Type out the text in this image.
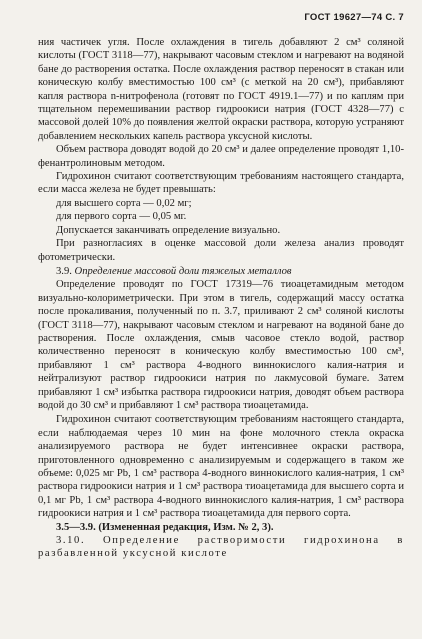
ГОСТ 19627—74 С. 7

ния частичек угля. После охлаждения в тигель добавляют 2 см³ соляной кислоты (ГОСТ 3118—77), накрывают часовым стеклом и нагревают на водяной бане до растворения остатка. После охлаждения раствор переносят в стакан или коническую колбу вместимостью 100 см³ (с меткой на 20 см³), прибавляют капля раствора n-нитрофенола (готовят по ГОСТ 4919.1—77) и по каплям при тщательном перемешивании раствор гидроокиси натрия (ГОСТ 4328—77) с массовой долей 10% до появления желтой окраски раствора, которую устраняют добавлением нескольких капель раствора уксусной кислоты.

Объем раствора доводят водой до 20 см³ и далее определение проводят 1,10-фенантролиновым методом.

Гидрохинон считают соответствующим требованиям настоящего стандарта, если масса железа не будет превышать:

для высшего сорта — 0,02 мг;

для первого сорта — 0,05 мг.

Допускается заканчивать определение визуально.

При разногласиях в оценке массовой доли железа анализ проводят фотометрически.

3.9. Определение массовой доли тяжелых металлов

Определение проводят по ГОСТ 17319—76 тиоацетамидным методом визуально-колориметрически. При этом в тигель, содержащий массу остатка после прокаливания, полученный по п. 3.7, приливают 2 см³ соляной кислоты (ГОСТ 3118—77), накрывают часовым стеклом и нагревают на водяной бане до растворения. После охлаждения, смыв часовое стекло водой, раствор количественно переносят в коническую колбу вместимостью 100 см³, прибавляют 1 см³ раствора 4-водного виннокислого калия-натрия и нейтрализуют раствор гидроокиси натрия по лакмусовой бумаге. Затем прибавляют 1 см³ избытка раствора гидроокиси натрия, доводят объем раствора водой до 30 см³ и прибавляют 1 см³ раствора тиоацетамида.

Гидрохинон считают соответствующим требованиям настоящего стандарта, если наблюдаемая через 10 мин на фоне молочного стекла окраска анализируемого раствора не будет интенсивнее окраски раствора, приготовленного одновременно с анализируемым и содержащего в таком же объеме: 0,025 мг Pb, 1 см³ раствора 4-водного виннокислого калия-натрия, 1 см³ раствора гидроокиси натрия и 1 см³ раствора тиоацетамида для высшего сорта и 0,1 мг Pb, 1 см³ раствора 4-водного виннокислого калия-натрия, 1 см³ раствора гидроокиси натрия и 1 см³ раствора тиоацетамида для первого сорта.

3.5—3.9. (Измененная редакция, Изм. № 2, 3).

3.10. Определение растворимости гидрохинона в разбавленной уксусной кислоте
